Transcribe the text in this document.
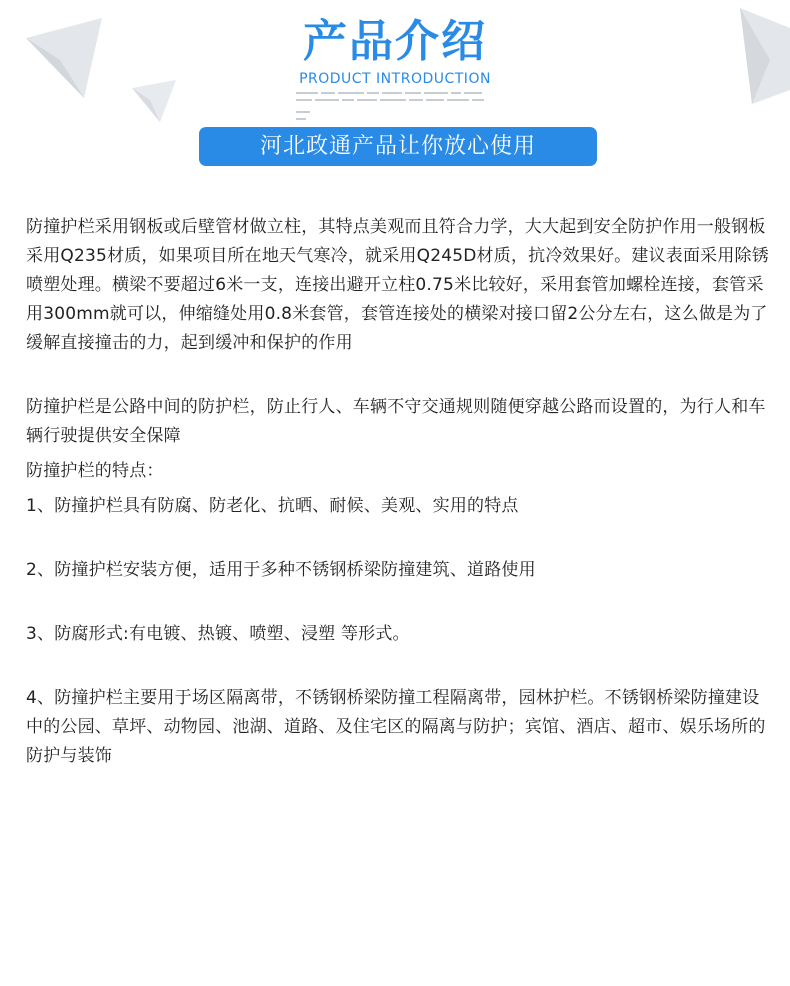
产品介绍
PRODUCT INTRODUCTION
河北政通产品让你放心使用

防撞护栏采用钢板或后壁管材做立柱，其特点美观而且符合力学，大大起到安全防护作用一般钢板采用Q235材质，如果项目所在地天气寒冷，就采用Q245D材质，抗冷效果好。建议表面采用除锈喷塑处理。横梁不要超过6米一支，连接出避开立柱0.75米比较好，采用套管加螺栓连接，套管采用300mm就可以，伸缩缝处用0.8米套管，套管连接处的横梁对接口留2公分左右，这么做是为了缓解直接撞击的力，起到缓冲和保护的作用

防撞护栏是公路中间的防护栏，防止行人、车辆不守交通规则随便穿越公路而设置的，为行人和车辆行驶提供安全保障

防撞护栏的特点：

1、防撞护栏具有防腐、防老化、抗晒、耐候、美观、实用的特点

2、防撞护栏安装方便，适用于多种不锈钢桥梁防撞建筑、道路使用

3、防腐形式:有电镀、热镀、喷塑、浸塑 等形式。

4、防撞护栏主要用于场区隔离带，不锈钢桥梁防撞工程隔离带，园林护栏。不锈钢桥梁防撞建设中的公园、草坪、动物园、池湖、道路、及住宅区的隔离与防护；宾馆、酒店、超市、娱乐场所的防护与装饰
